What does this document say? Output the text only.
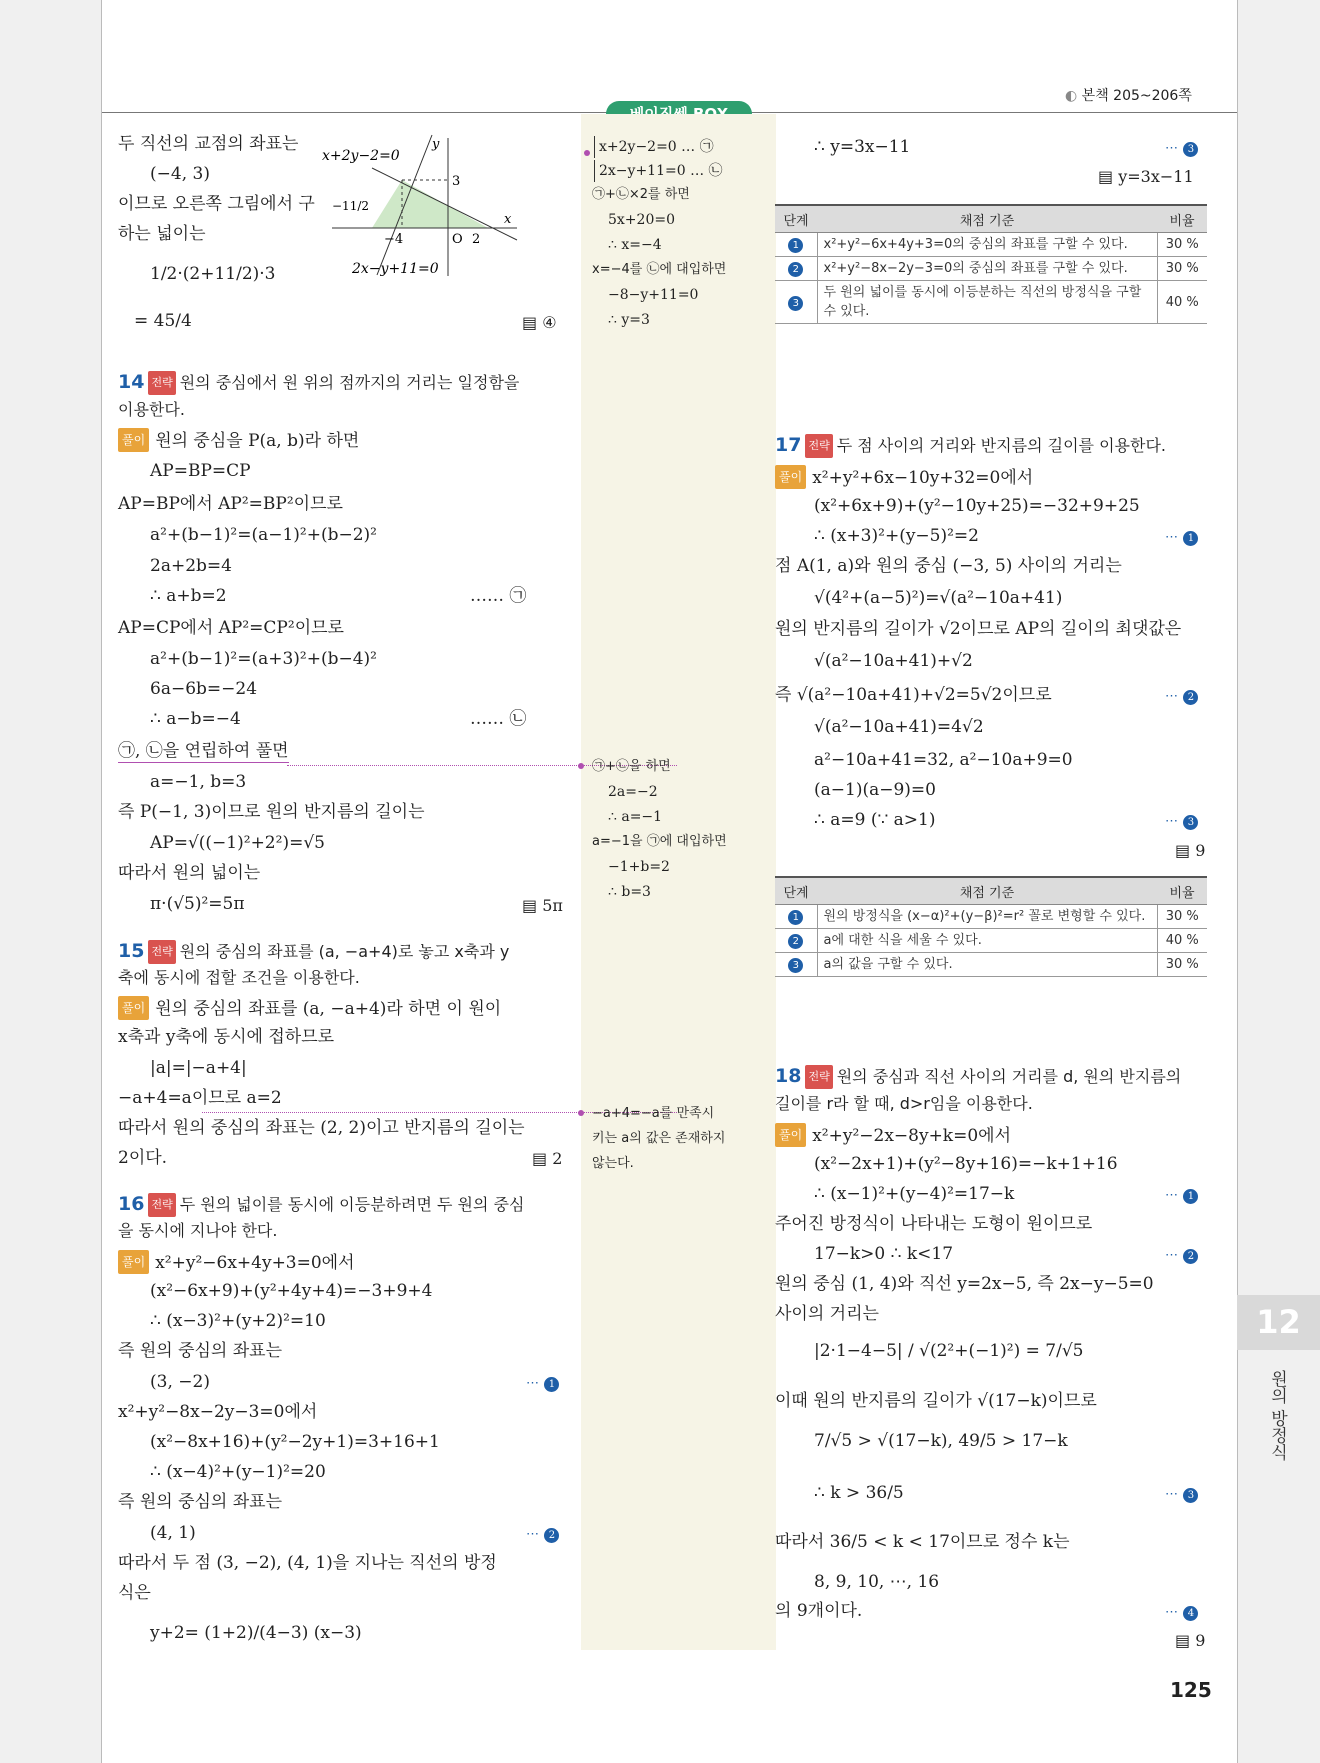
◐ 본책 205~206쪽
두 직선의 교점의 좌표는
(−4, 3)
이므로 오른쪽 그림에서 구
하는 넓이는
1/2·(2+11/2)·3
= 45/4	▤ ④
x+2y−2=0
2x−y+11=0
3
−4	2
O
−11/2
x
y
14 전략 원의 중심에서 원 위의 점까지의 거리는 일정함을
이용한다.
풀이 원의 중심을 P(a, b)라 하면
AP=BP=CP
AP=BP에서 AP²=BP²이므로
a²+(b−1)²=(a−1)²+(b−2)²
2a+2b=4
∴ a+b=2	…… ㉠
AP=CP에서 AP²=CP²이므로
a²+(b−1)²=(a+3)²+(b−4)²
6a−6b=−24
∴ a−b=−4	…… ㉡
㉠, ㉡을 연립하여 풀면
a=−1, b=3
즉 P(−1, 3)이므로 원의 반지름의 길이는
AP=√((−1)²+2²)=√5
따라서 원의 넓이는
π·(√5)²=5π	▤ 5π
15 전략 원의 중심의 좌표를 (a, −a+4)로 놓고 x축과 y
축에 동시에 접할 조건을 이용한다.
풀이 원의 중심의 좌표를 (a, −a+4)라 하면 이 원이
x축과 y축에 동시에 접하므로
|a|=|−a+4|
−a+4=a이므로 a=2
따라서 원의 중심의 좌표는 (2, 2)이고 반지름의 길이는
2이다.	▤ 2
16 전략 두 원의 넓이를 동시에 이등분하려면 두 원의 중심
을 동시에 지나야 한다.
풀이 x²+y²−6x+4y+3=0에서
(x²−6x+9)+(y²+4y+4)=−3+9+4
∴ (x−3)²+(y+2)²=10
즉 원의 중심의 좌표는
(3, −2)	⋯ 1
x²+y²−8x−2y−3=0에서
(x²−8x+16)+(y²−2y+1)=3+16+1
∴ (x−4)²+(y−1)²=20
즉 원의 중심의 좌표는
(4, 1)	⋯ 2
따라서 두 점 (3, −2), (4, 1)을 지나는 직선의 방정
식은
y+2= (1+2)/(4−3) (x−3)
x+2y−2=0 … ㉠
2x−y+11=0 … ㉡
㉠+㉡×2를 하면
5x+20=0
∴ x=−4
x=−4를 ㉡에 대입하면
−8−y+11=0
∴ y=3
㉠+㉡을 하면
2a=−2
∴ a=−1
a=−1을 ㉠에 대입하면
−1+b=2
∴ b=3
−a+4=−a를 만족시
키는 a의 값은 존재하지
않는다.
∴ y=3x−11	⋯ 3
▤ y=3x−11
단계	채점 기준	비율
1	x²+y²−6x+4y+3=0의 중심의 좌표를 구할 수 있다.	30 %
2	x²+y²−8x−2y−3=0의 중심의 좌표를 구할 수 있다.	30 %
3	두 원의 넓이를 동시에 이등분하는 직선의 방정식을 구할 수 있다.	40 %
17 전략 두 점 사이의 거리와 반지름의 길이를 이용한다.
풀이 x²+y²+6x−10y+32=0에서
(x²+6x+9)+(y²−10y+25)=−32+9+25
∴ (x+3)²+(y−5)²=2	⋯ 1
점 A(1, a)와 원의 중심 (−3, 5) 사이의 거리는
√(4²+(a−5)²)=√(a²−10a+41)
원의 반지름의 길이가 √2이므로 AP의 길이의 최댓값은
√(a²−10a+41)+√2
즉 √(a²−10a+41)+√2=5√2이므로	⋯ 2
√(a²−10a+41)=4√2
a²−10a+41=32, a²−10a+9=0
(a−1)(a−9)=0
∴ a=9 (∵ a>1)	⋯ 3
▤ 9
단계	채점 기준	비율
1	원의 방정식을 (x−α)²+(y−β)²=r² 꼴로 변형할 수 있다.	30 %
2	a에 대한 식을 세울 수 있다.	40 %
3	a의 값을 구할 수 있다.	30 %
18 전략 원의 중심과 직선 사이의 거리를 d, 원의 반지름의
길이를 r라 할 때, d>r임을 이용한다.
풀이 x²+y²−2x−8y+k=0에서
(x²−2x+1)+(y²−8y+16)=−k+1+16
∴ (x−1)²+(y−4)²=17−k	⋯ 1
주어진 방정식이 나타내는 도형이 원이므로
17−k>0 ∴ k<17	⋯ 2
원의 중심 (1, 4)와 직선 y=2x−5, 즉 2x−y−5=0
사이의 거리는
|2·1−4−5| / √(2²+(−1)²) = 7/√5
이때 원의 반지름의 길이가 √(17−k)이므로
7/√5 > √(17−k), 49/5 > 17−k
∴ k > 36/5	⋯ 3
따라서 36/5 < k < 17이므로 정수 k는
8, 9, 10, ⋯, 16
의 9개이다.	⋯ 4
▤ 9
125
12
원의 방정식
